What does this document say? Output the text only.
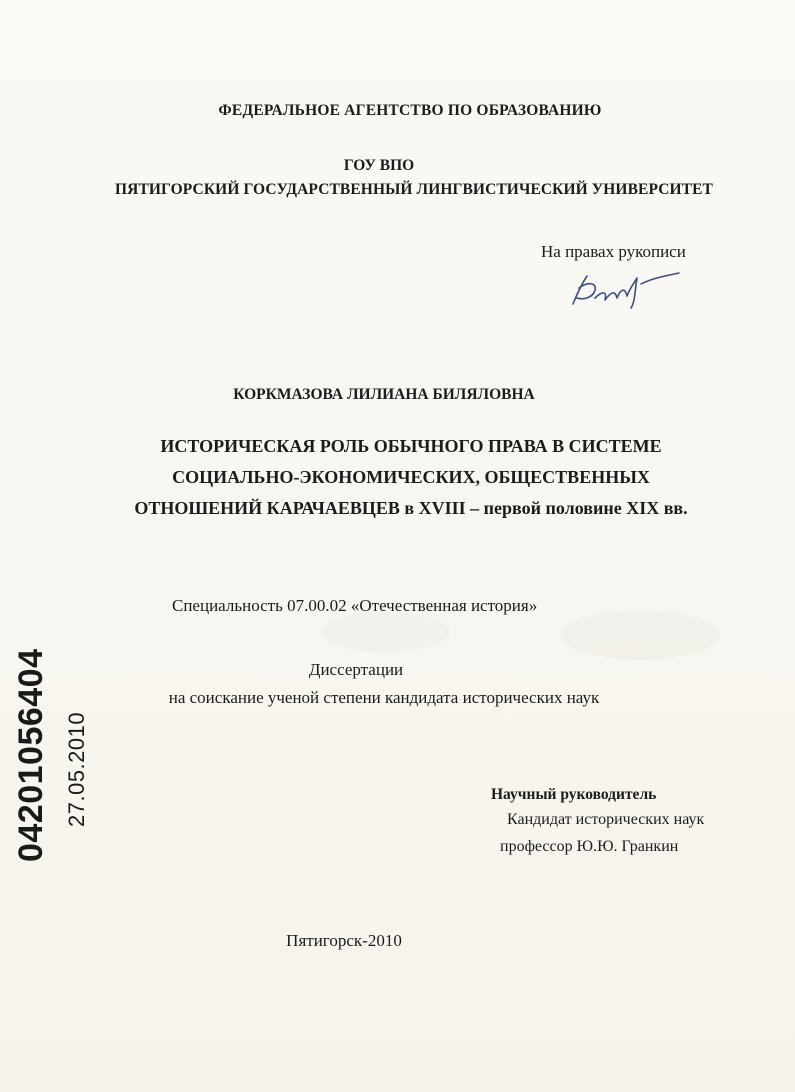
ФЕДЕРАЛЬНОЕ АГЕНТСТВО ПО ОБРАЗОВАНИЮ

ГОУ ВПО

ПЯТИГОРСКИЙ ГОСУДАРСТВЕННЫЙ ЛИНГВИСТИЧЕСКИЙ УНИВЕРСИТЕТ

На правах рукописи

КОРКМАЗОВА ЛИЛИАНА БИЛЯЛОВНА

ИСТОРИЧЕСКАЯ РОЛЬ ОБЫЧНОГО ПРАВА В СИСТЕМЕ

СОЦИАЛЬНО-ЭКОНОМИЧЕСКИХ, ОБЩЕСТВЕННЫХ

ОТНОШЕНИЙ КАРАЧАЕВЦЕВ в XVIII – первой половине XIX вв.

Специальность 07.00.02 «Отечественная история»

Диссертации

на соискание ученой степени кандидата исторических наук

Научный руководитель

Кандидат исторических наук

профессор Ю.Ю. Гранкин

Пятигорск-2010

04201056404 27.05.2010
